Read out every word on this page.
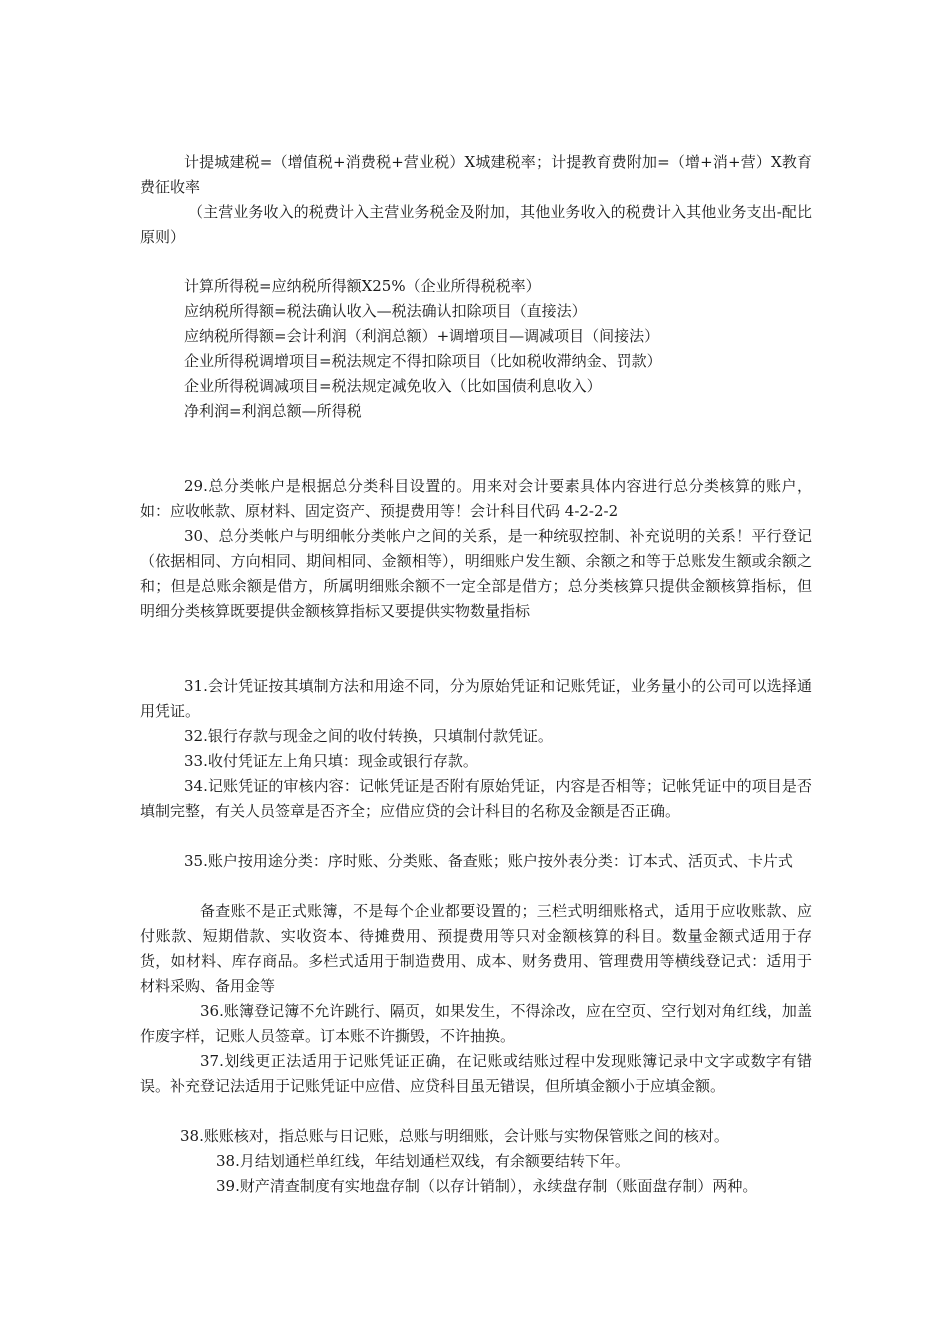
计提城建税=（增值税+消费税+营业税）X城建税率；计提教育费附加=（增+消+营）X教育费征收率

（主营业务收入的税费计入主营业务税金及附加，其他业务收入的税费计入其他业务支出-配比原则）

计算所得税=应纳税所得额X25%（企业所得税税率）

应纳税所得额=税法确认收入—税法确认扣除项目（直接法）

应纳税所得额=会计利润（利润总额）+调增项目—调减项目（间接法）

企业所得税调增项目=税法规定不得扣除项目（比如税收滞纳金、罚款）

企业所得税调减项目=税法规定减免收入（比如国债利息收入）

净利润=利润总额—所得税

29.总分类帐户是根据总分类科目设置的。用来对会计要素具体内容进行总分类核算的账户，如：应收帐款、原材料、固定资产、预提费用等！会计科目代码 4-2-2-2

30、总分类帐户与明细帐分类帐户之间的关系，是一种统驭控制、补充说明的关系！平行登记（依据相同、方向相同、期间相同、金额相等），明细账户发生额、余额之和等于总账发生额或余额之和；但是总账余额是借方，所属明细账余额不一定全部是借方；总分类核算只提供金额核算指标，但明细分类核算既要提供金额核算指标又要提供实物数量指标

31.会计凭证按其填制方法和用途不同，分为原始凭证和记账凭证，业务量小的公司可以选择通用凭证。

32.银行存款与现金之间的收付转换，只填制付款凭证。

33.收付凭证左上角只填：现金或银行存款。

34.记账凭证的审核内容：记帐凭证是否附有原始凭证，内容是否相等；记帐凭证中的项目是否填制完整，有关人员签章是否齐全；应借应贷的会计科目的名称及金额是否正确。

35.账户按用途分类：序时账、分类账、备查账；账户按外表分类：订本式、活页式、卡片式

备查账不是正式账簿，不是每个企业都要设置的；三栏式明细账格式，适用于应收账款、应付账款、短期借款、实收资本、待摊费用、预提费用等只对金额核算的科目。数量金额式适用于存货，如材料、库存商品。多栏式适用于制造费用、成本、财务费用、管理费用等横线登记式：适用于材料采购、备用金等

36.账簿登记簿不允许跳行、隔页，如果发生，不得涂改，应在空页、空行划对角红线，加盖作废字样，记账人员签章。订本账不许撕毁，不许抽换。

37.划线更正法适用于记账凭证正确，在记账或结账过程中发现账簿记录中文字或数字有错误。补充登记法适用于记账凭证中应借、应贷科目虽无错误，但所填金额小于应填金额。

38.账账核对，指总账与日记账，总账与明细账，会计账与实物保管账之间的核对。

38.月结划通栏单红线，年结划通栏双线，有余额要结转下年。

39.财产清查制度有实地盘存制（以存计销制），永续盘存制（账面盘存制）两种。
